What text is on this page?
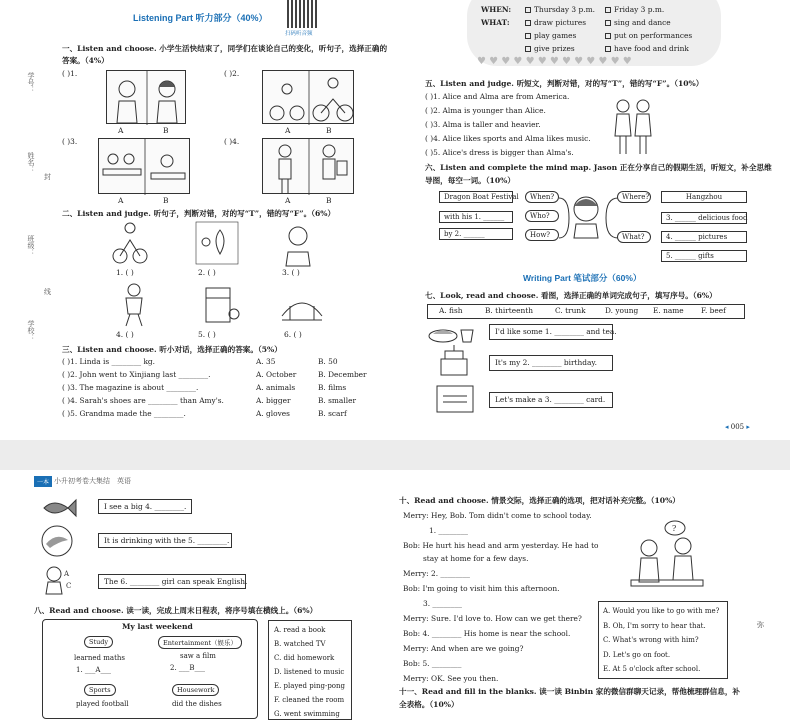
Listening Part 听力部分（40%）
扫码听音频
学号：
姓名：
班级：
学校：
封
线
一、Listen and choose. 小学生活快结束了，同学们在谈论自己的变化，听句子，选择正确的
答案。（4%）
( )1.
A	B
( )2.
A	B
( )3.
A	B
( )4.
A	B
二、Listen and judge. 听句子，判断对错，对的写“T”，错的写“F”。（6%）
1. ( )	2. ( )	3. ( )
4. ( )	5. ( )	6. ( )
三、Listen and choose. 听小对话，选择正确的答案。（5%）
( )1. Linda is ________ kg.	A. 35	B. 50
( )2. John went to Xinjiang last ________.	A. October	B. December
( )3. The magazine is about ________.	A. animals	B. films
( )4. Sarah's shoes are ________ than Amy's.	A. bigger	B. smaller
( )5. Grandma made the ________.	A. gloves	B. scarf
WHEN:	Thursday 3 p.m.	Friday 3 p.m.
WHAT:	draw pictures	sing and dance
play games	put on performances
give prizes	have food and drink
♥ ♥ ♥ ♥ ♥ ♥ ♥ ♥ ♥ ♥ ♥ ♥ ♥
五、Listen and judge. 听短文，判断对错，对的写“T”，错的写“F”。（10%）
( )1. Alice and Alma are from America.
( )2. Alma is younger than Alice.
( )3. Alma is taller and heavier.
( )4. Alice likes sports and Alma likes music.
( )5. Alice's dress is bigger than Alma's.
六、Listen and complete the mind map. Jason 正在分享自己的假期生活，听短文，补全思维
导图，每空一词。（10%）
Dragon Boat Festival
with his 1. ______
by 2. ______
When?
Who?
How?
Where?
What?
Hangzhou
3. ______ delicious food
4. ______ pictures
5. ______ gifts
Writing Part 笔试部分（60%）
七、Look, read and choose. 看图，选择正确的单词完成句子，填写序号。（6%）
A. fish	B. thirteenth	C. trunk	D. young E. name F. beef
I'd like some 1. ________ and tea.
It's my 2. ________ birthday.
Let's make a 3. ________ card.
◂ 005 ▸
一本 小升初考卷大集结　英语
I see a big 4. ________.
It is drinking with the 5. ________.
A
C	The 6. ________ girl can speak English.
八、Read and choose. 读一读，完成上周末日程表，将序号填在横线上。（6%）
My last weekend
Study
learned maths
1. ___A___
Entertainment（娱乐）
saw a film
2. ___B___
Sports
played football
Housework
did the dishes
A. read a book
B. watched TV
C. did homework
D. listened to music
E. played ping-pong
F. cleaned the room
G. went swimming
十、Read and choose. 情景交际，选择正确的选项，把对话补充完整。（10%）
Merry: Hey, Bob. Tom didn't come to school today.
1. ________
Bob: He hurt his head and arm yesterday. He had to
stay at home for a few days.
Merry: 2. ________
Bob: I'm going to visit him this afternoon.
3. ________
Merry: Sure. I'd love to. How can we get there?
Bob: 4. ________ His home is near the school.
Merry: And when are we going?
Bob: 5. ________
Merry: OK. See you then.
?
A. Would you like to go with me?
B. Oh, I'm sorry to hear that.
C. What's wrong with him?
D. Let's go on foot.
E. At 5 o'clock after school.
十一、Read and fill in the blanks. 读一读 Binbin 家的微信群聊天记录，帮他梳理群信息，补
全表格。（10%）
弥
